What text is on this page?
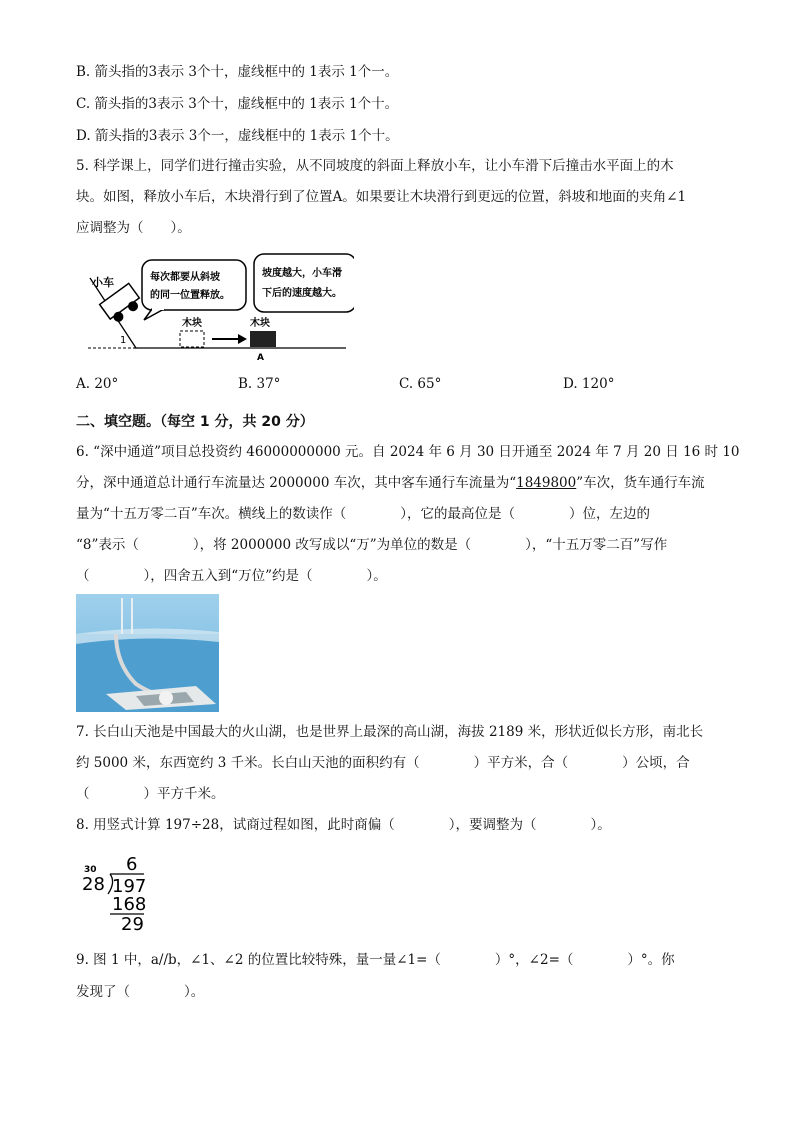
B. 箭头指的3表示 3个十，虚线框中的 1表示 1个一。
C. 箭头指的3表示 3个十，虚线框中的 1表示 1个十。
D. 箭头指的3表示 3个一，虚线框中的 1表示 1个十。
5. 科学课上，同学们进行撞击实验，从不同坡度的斜面上释放小车，让小车滑下后撞击水平面上的木
块。如图，释放小车后，木块滑行到了位置A。如果要让木块滑行到更远的位置，斜坡和地面的夹角∠1
应调整为（　　）。
小车
1
每次都要从斜坡
的同一位置释放。
坡度越大，小车滑
下后的速度越大。
木块	木块
A
A. 20°	B. 37°	C. 65°	D. 120°
二、填空题。（每空 1 分，共 20 分）
6. “深中通道”项目总投资约 46000000000 元。自 2024 年 6 月 30 日开通至 2024 年 7 月 20 日 16 时 10
分，深中通道总计通行车流量达 2000000 车次，其中客车通行车流量为“1849800”车次，货车通行车流
量为“十五万零二百”车次。横线上的数读作（　　　　），它的最高位是（　　　　）位，左边的
“8”表示（　　　　），将 2000000 改写成以“万”为单位的数是（　　　　），“十五万零二百”写作
（　　　　），四舍五入到“万位”约是（　　　　）。
7. 长白山天池是中国最大的火山湖，也是世界上最深的高山湖，海拔 2189 米，形状近似长方形，南北长
约 5000 米，东西宽约 3 千米。长白山天池的面积约有（　　　　）平方米，合（　　　　）公顷，合
（　　　　）平方千米。
8. 用竖式计算 197÷28，试商过程如图，此时商偏（　　　　），要调整为（　　　　）。
30 6
28 197
168
29
9. 图 1 中，a//b，∠1、∠2 的位置比较特殊，量一量∠1=（　　　　）°，∠2=（　　　　）°。你
发现了（　　　　）。
